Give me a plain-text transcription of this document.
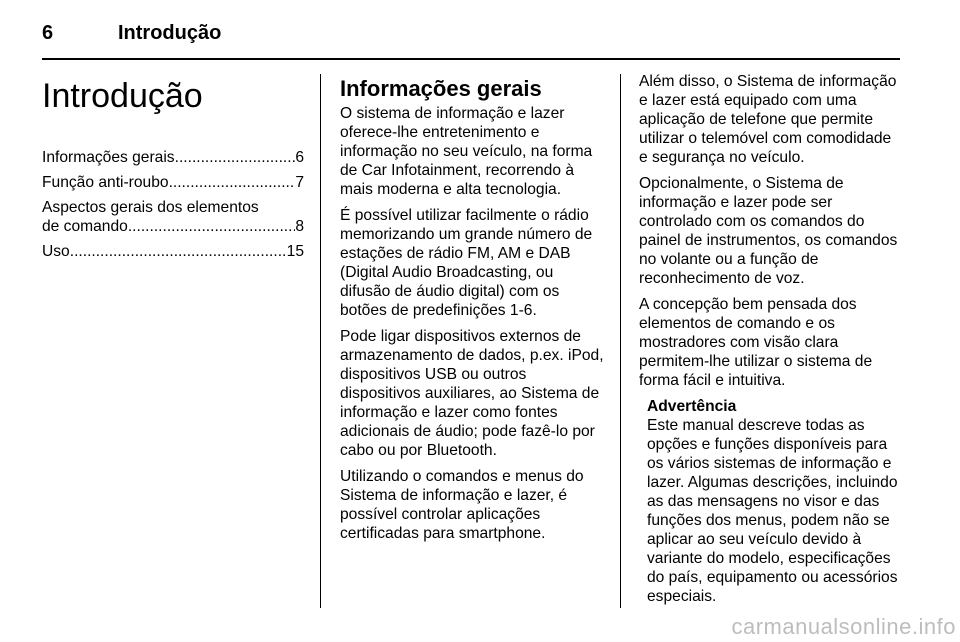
6	Introdução
Introdução
Informações gerais .....	6
Função anti-roubo .....	7
Aspectos gerais dos elementos
de comando .....	8
Uso .....	15
Informações gerais

O sistema de informação e lazer oferece-lhe entretenimento e informação no seu veículo, na forma de Car Infotainment, recorrendo à mais moderna e alta tecnologia.

É possível utilizar facilmente o rádio memorizando um grande número de estações de rádio FM, AM e DAB (Digital Audio Broadcasting, ou difusão de áudio digital) com os botões de predefinições 1-6.

Pode ligar dispositivos externos de armazenamento de dados, p.ex. iPod, dispositivos USB ou outros dispositivos auxiliares, ao Sistema de informação e lazer como fontes adicionais de áudio; pode fazê-lo por cabo ou por Bluetooth.

Utilizando o comandos e menus do Sistema de informação e lazer, é possível controlar aplicações certificadas para smartphone.

Além disso, o Sistema de informação e lazer está equipado com uma aplicação de telefone que permite utilizar o telemóvel com comodidade e segurança no veículo.

Opcionalmente, o Sistema de informação e lazer pode ser controlado com os comandos do painel de instrumentos, os comandos no volante ou a função de reconhecimento de voz.

A concepção bem pensada dos elementos de comando e os mostradores com visão clara permitem-lhe utilizar o sistema de forma fácil e intuitiva.

Advertência

Este manual descreve todas as opções e funções disponíveis para os vários sistemas de informação e lazer. Algumas descrições, incluindo as das mensagens no visor e das funções dos menus, podem não se aplicar ao seu veículo devido à variante do modelo, especificações do país, equipamento ou acessórios especiais.

carmanualsonline.info
